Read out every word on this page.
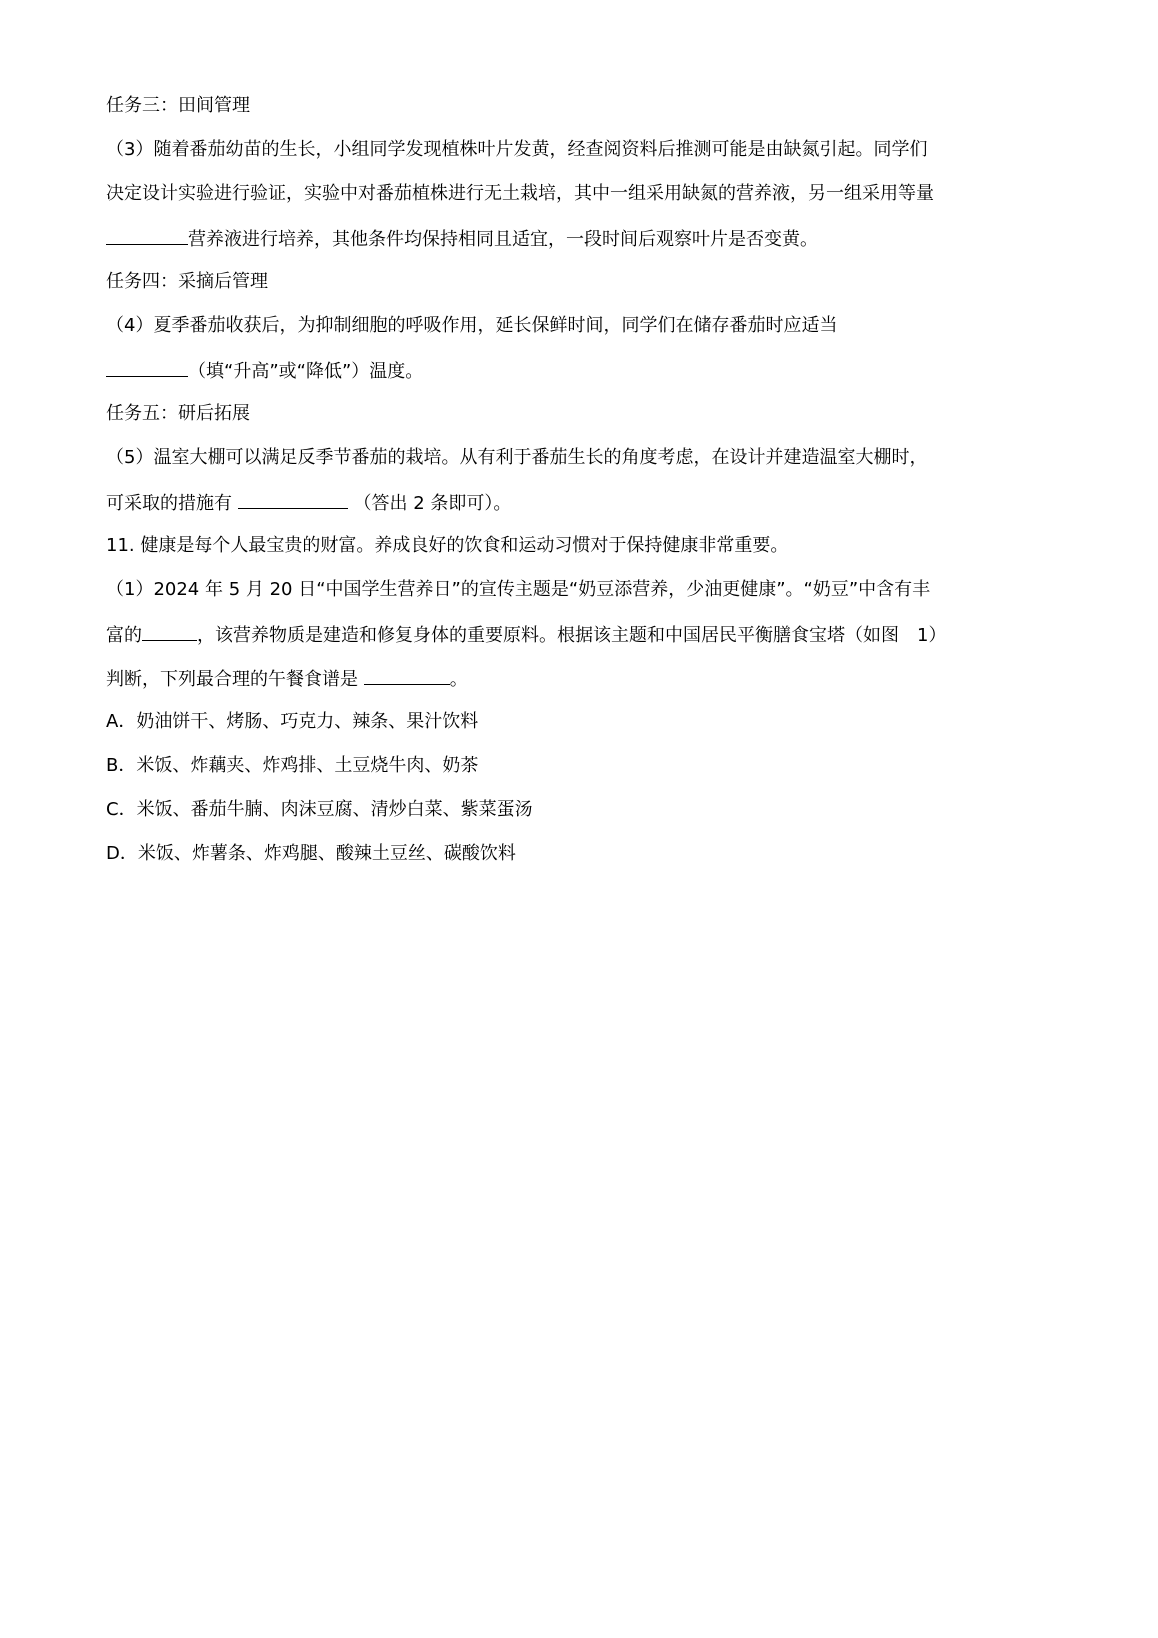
任务三：田间管理
（3）随着番茄幼苗的生长，小组同学发现植株叶片发黄，经查阅资料后推测可能是由缺氮引起。同学们
决定设计实验进行验证，实验中对番茄植株进行无土栽培，其中一组采用缺氮的营养液，另一组采用等量
营养液进行培养，其他条件均保持相同且适宜，一段时间后观察叶片是否变黄。
任务四：采摘后管理
（4）夏季番茄收获后，为抑制细胞的呼吸作用，延长保鲜时间，同学们在储存番茄时应适当
（填“升高”或“降低”）温度。
任务五：研后拓展
（5）温室大棚可以满足反季节番茄的栽培。从有利于番茄生长的角度考虑，在设计并建造温室大棚时，
可采取的措施有	（答出 2 条即可）。
11. 健康是每个人最宝贵的财富。养成良好的饮食和运动习惯对于保持健康非常重要。
（1）2024 年 5 月 20 日“中国学生营养日”的宣传主题是“奶豆添营养，少油更健康”。“奶豆”中含有丰
富的	，该营养物质是建造和修复身体的重要原料。根据该主题和中国居民平衡膳食宝塔（如图　1）
判断，下列最合理的午餐食谱是	。
A．奶油饼干、烤肠、巧克力、辣条、果汁饮料
B．米饭、炸藕夹、炸鸡排、土豆烧牛肉、奶茶
C．米饭、番茄牛腩、肉沫豆腐、清炒白菜、紫菜蛋汤
D．米饭、炸薯条、炸鸡腿、酸辣土豆丝、碳酸饮料
